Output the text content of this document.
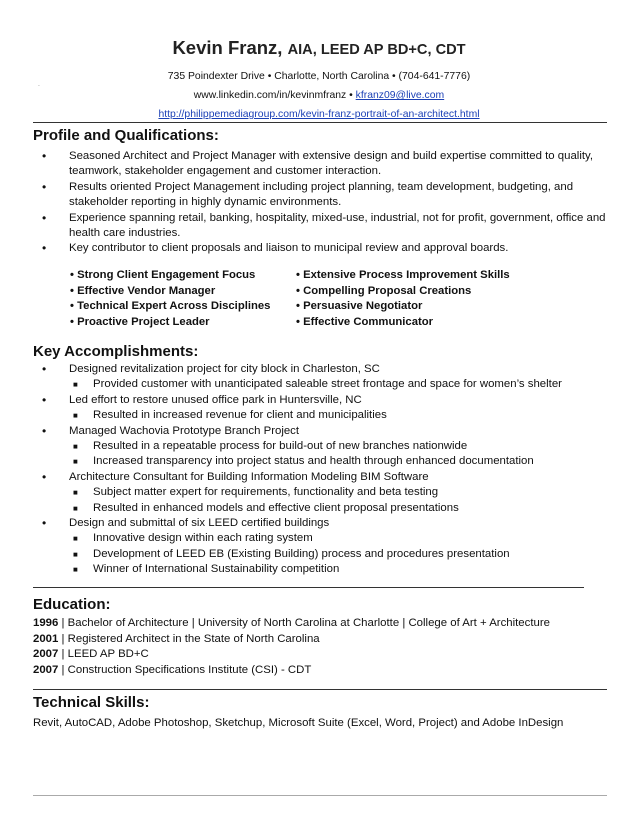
Kevin Franz, AIA, LEED AP BD+C, CDT
735 Poindexter Drive • Charlotte, North Carolina • (704-641-7776)
www.linkedin.com/in/kevinmfranz • kfranz09@live.com
http://philippemediagroup.com/kevin-franz-portrait-of-an-architect.html
`
Profile and Qualifications:
• Seasoned Architect and Project Manager with extensive design and build expertise committed to quality, teamwork, stakeholder engagement and customer interaction.
• Results oriented Project Management including project planning, team development, budgeting, and stakeholder reporting in highly dynamic environments.
• Experience spanning retail, banking, hospitality, mixed-use, industrial, not for profit, government, office and health care industries.
• Key contributor to client proposals and liaison to municipal review and approval boards.
• Strong Client Engagement Focus	• Extensive Process Improvement Skills
• Effective Vendor Manager	• Compelling Proposal Creations
• Technical Expert Across Disciplines	• Persuasive Negotiator
• Proactive Project Leader	• Effective Communicator
Key Accomplishments:
• Designed revitalization project for city block in Charleston, SC
■ Provided customer with unanticipated saleable street frontage and space for women’s shelter
• Led effort to restore unused office park in Huntersville, NC
■ Resulted in increased revenue for client and municipalities
• Managed Wachovia Prototype Branch Project
■ Resulted in a repeatable process for build-out of new branches nationwide
■ Increased transparency into project status and health through enhanced documentation
• Architecture Consultant for Building Information Modeling BIM Software
■ Subject matter expert for requirements, functionality and beta testing
■ Resulted in enhanced models and effective client proposal presentations
• Design and submittal of six LEED certified buildings
■ Innovative design within each rating system
■ Development of LEED EB (Existing Building) process and procedures presentation
■ Winner of International Sustainability competition
Education:
1996 | Bachelor of Architecture | University of North Carolina at Charlotte | College of Art + Architecture
2001 | Registered Architect in the State of North Carolina
2007 | LEED AP BD+C
2007 | Construction Specifications Institute (CSI) - CDT
Technical Skills:
Revit, AutoCAD, Adobe Photoshop, Sketchup, Microsoft Suite (Excel, Word, Project) and Adobe InDesign
